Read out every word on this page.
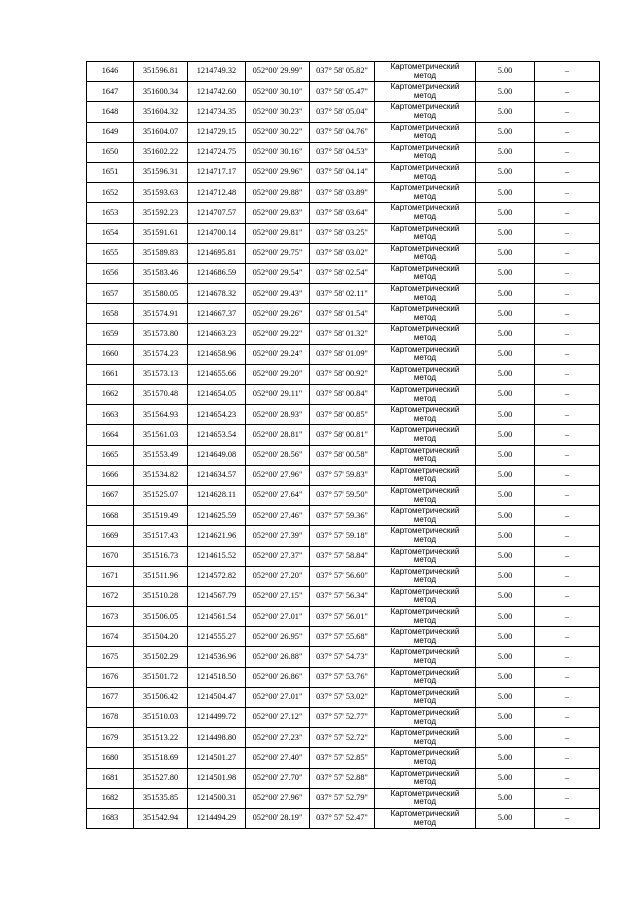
1646	351596.81	1214749.32	052°00' 29.99"	037° 58' 05.82"	Картометрический
метод	5.00	–
1647	351600.34	1214742.60	052°00' 30.10"	037° 58' 05.47"	Картометрический
метод	5.00	–
1648	351604.32	1214734.35	052°00' 30.23"	037° 58' 05.04"	Картометрический
метод	5.00	–
1649	351604.07	1214729.15	052°00' 30.22"	037° 58' 04.76"	Картометрический
метод	5.00	–
1650	351602.22	1214724.75	052°00' 30.16"	037° 58' 04.53"	Картометрический
метод	5.00	–
1651	351596.31	1214717.17	052°00' 29.96"	037° 58' 04.14"	Картометрический
метод	5.00	–
1652	351593.63	1214712.48	052°00' 29.88"	037° 58' 03.89"	Картометрический
метод	5.00	–
1653	351592.23	1214707.57	052°00' 29.83"	037° 58' 03.64"	Картометрический
метод	5.00	–
1654	351591.61	1214700.14	052°00' 29.81"	037° 58' 03.25"	Картометрический
метод	5.00	–
1655	351589.83	1214695.81	052°00' 29.75"	037° 58' 03.02"	Картометрический
метод	5.00	–
1656	351583.46	1214686.59	052°00' 29.54"	037° 58' 02.54"	Картометрический
метод	5.00	–
1657	351580.05	1214678.32	052°00' 29.43"	037° 58' 02.11"	Картометрический
метод	5.00	–
1658	351574.91	1214667.37	052°00' 29.26"	037° 58' 01.54"	Картометрический
метод	5.00	–
1659	351573.80	1214663.23	052°00' 29.22"	037° 58' 01.32"	Картометрический
метод	5.00	–
1660	351574.23	1214658.96	052°00' 29.24"	037° 58' 01.09"	Картометрический
метод	5.00	–
1661	351573.13	1214655.66	052°00' 29.20"	037° 58' 00.92"	Картометрический
метод	5.00	–
1662	351570.48	1214654.05	052°00' 29.11"	037° 58' 00.84"	Картометрический
метод	5.00	–
1663	351564.93	1214654.23	052°00' 28.93"	037° 58' 00.85"	Картометрический
метод	5.00	–
1664	351561.03	1214653.54	052°00' 28.81"	037° 58' 00.81"	Картометрический
метод	5.00	–
1665	351553.49	1214649.08	052°00' 28.56"	037° 58' 00.58"	Картометрический
метод	5.00	–
1666	351534.82	1214634.57	052°00' 27.96"	037° 57' 59.83"	Картометрический
метод	5.00	–
1667	351525.07	1214628.11	052°00' 27.64"	037° 57' 59.50"	Картометрический
метод	5.00	–
1668	351519.49	1214625.59	052°00' 27.46"	037° 57' 59.36"	Картометрический
метод	5.00	–
1669	351517.43	1214621.96	052°00' 27.39"	037° 57' 59.18"	Картометрический
метод	5.00	–
1670	351516.73	1214615.52	052°00' 27.37"	037° 57' 58.84"	Картометрический
метод	5.00	–
1671	351511.96	1214572.82	052°00' 27.20"	037° 57' 56.60"	Картометрический
метод	5.00	–
1672	351510.28	1214567.79	052°00' 27.15"	037° 57' 56.34"	Картометрический
метод	5.00	–
1673	351506.05	1214561.54	052°00' 27.01"	037° 57' 56.01"	Картометрический
метод	5.00	–
1674	351504.20	1214555.27	052°00' 26.95"	037° 57' 55.68"	Картометрический
метод	5.00	–
1675	351502.29	1214536.96	052°00' 26.88"	037° 57' 54.73"	Картометрический
метод	5.00	–
1676	351501.72	1214518.50	052°00' 26.86"	037° 57' 53.76"	Картометрический
метод	5.00	–
1677	351506.42	1214504.47	052°00' 27.01"	037° 57' 53.02"	Картометрический
метод	5.00	–
1678	351510.03	1214499.72	052°00' 27.12"	037° 57' 52.77"	Картометрический
метод	5.00	–
1679	351513.22	1214498.80	052°00' 27.23"	037° 57' 52.72"	Картометрический
метод	5.00	–
1680	351518.69	1214501.27	052°00' 27.40"	037° 57' 52.85"	Картометрический
метод	5.00	–
1681	351527.80	1214501.98	052°00' 27.70"	037° 57' 52.88"	Картометрический
метод	5.00	–
1682	351535.85	1214500.31	052°00' 27.96"	037° 57' 52.79"	Картометрический
метод	5.00	–
1683	351542.94	1214494.29	052°00' 28.19"	037° 57' 52.47"	Картометрический
метод	5.00	–
